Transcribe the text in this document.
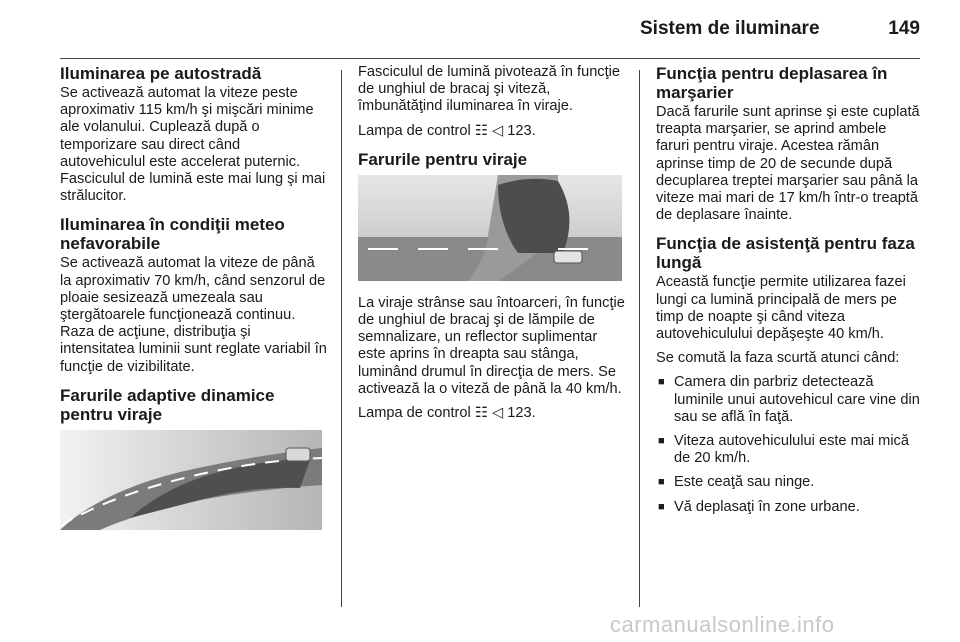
Sistem de iluminare	149
Iluminarea pe autostradă

Se activează automat la viteze peste aproximativ 115 km/h şi mişcări minime ale volanului. Cuplează după o temporizare sau direct când autovehiculul este accelerat puternic. Fasciculul de lumină este mai lung şi mai strălucitor.

Iluminarea în condiţii meteo nefavorabile

Se activează automat la viteze de până la aproximativ 70 km/h, când senzorul de ploaie sesizează umezeala sau ştergătoarele funcţionează continuu. Raza de acţiune, distribuţia şi intensitatea luminii sunt reglate variabil în funcţie de vizibilitate.

Farurile adaptive dinamice pentru viraje

Fasciculul de lumină pivotează în funcţie de unghiul de bracaj şi viteză, îmbunătăţind iluminarea în viraje.

Lampa de control ☷ ◁ 123.

Farurile pentru viraje

La viraje strânse sau întoarceri, în funcţie de unghiul de bracaj şi de lămpile de semnalizare, un reflector suplimentar este aprins în dreapta sau stânga, luminând drumul în direcţia de mers. Se activează la o viteză de până la 40 km/h.

Lampa de control ☷ ◁ 123.

Funcţia pentru deplasarea în marşarier

Dacă farurile sunt aprinse şi este cuplată treapta marşarier, se aprind ambele faruri pentru viraje. Acestea rămân aprinse timp de 20 de secunde după decuplarea treptei marşarier sau până la viteze mai mari de 17 km/h într-o treaptă de deplasare înainte.

Funcţia de asistenţă pentru faza lungă

Această funcţie permite utilizarea fazei lungi ca lumină principală de mers pe timp de noapte şi când viteza autovehiculului depăşeşte 40 km/h.

Se comută la faza scurtă atunci când:

■ Camera din parbriz detectează luminile unui autovehicul care vine din sau se află în faţă.
■ Viteza autovehiculului este mai mică de 20 km/h.
■ Este ceaţă sau ninge.
■ Vă deplasaţi în zone urbane.
carmanualsonline.info
